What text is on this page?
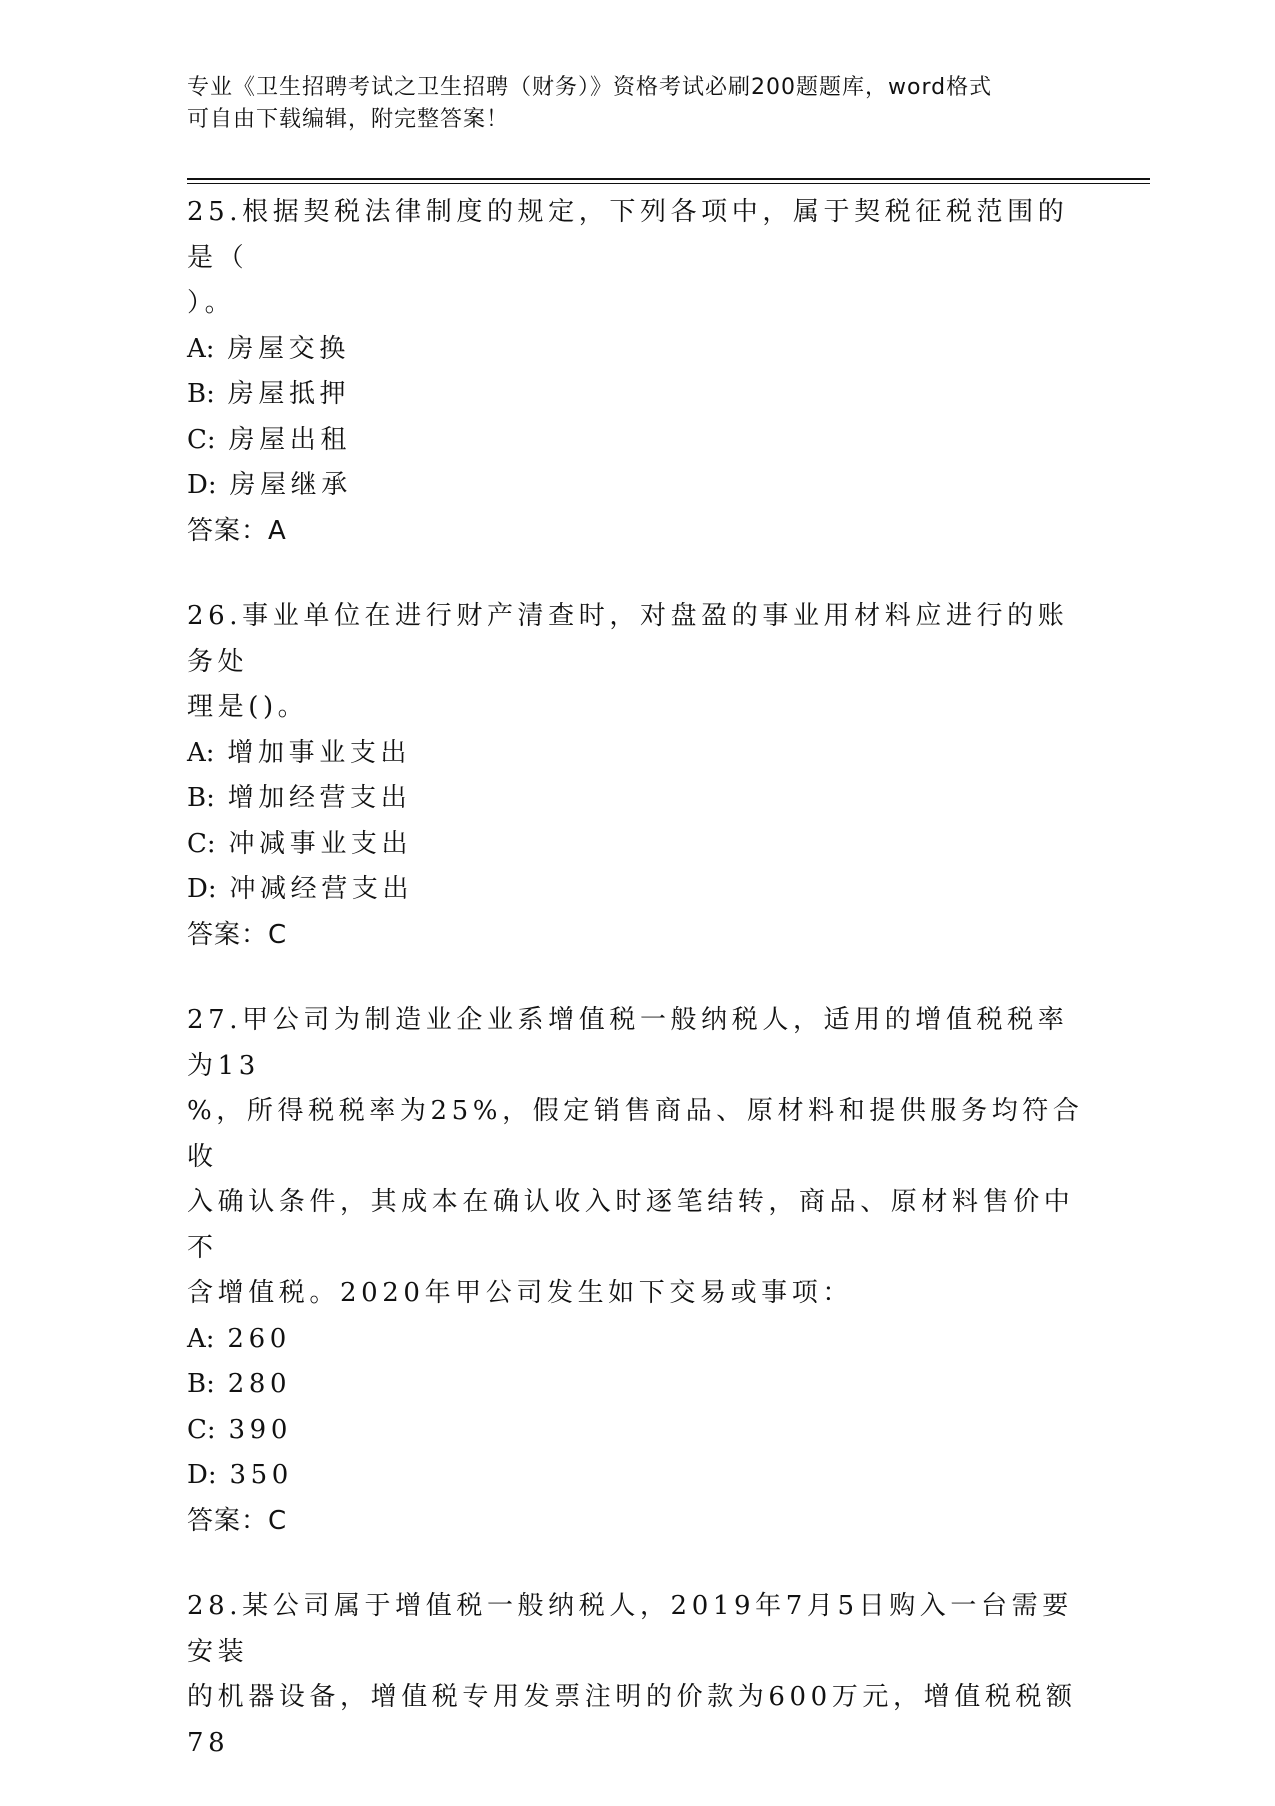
专业《卫生招聘考试之卫生招聘（财务）》资格考试必刷200题题库，word格式
可自由下载编辑，附完整答案！

25.根据契税法律制度的规定，下列各项中，属于契税征税范围的是（

）。

A: 房屋交换

B: 房屋抵押

C: 房屋出租

D: 房屋继承

答案：A

26.事业单位在进行财产清查时，对盘盈的事业用材料应进行的账务处

理是()。

A: 增加事业支出

B: 增加经营支出

C: 冲减事业支出

D: 冲减经营支出

答案：C

27.甲公司为制造业企业系增值税一般纳税人，适用的增值税税率为13

%，所得税税率为25%，假定销售商品、原材料和提供服务均符合收

入确认条件，其成本在确认收入时逐笔结转，商品、原材料售价中不

含增值税。2020年甲公司发生如下交易或事项：

A: 260

B: 280

C: 390

D: 350

答案：C

28.某公司属于增值税一般纳税人，2019年7月5日购入一台需要安装

的机器设备，增值税专用发票注明的价款为600万元，增值税税额78
